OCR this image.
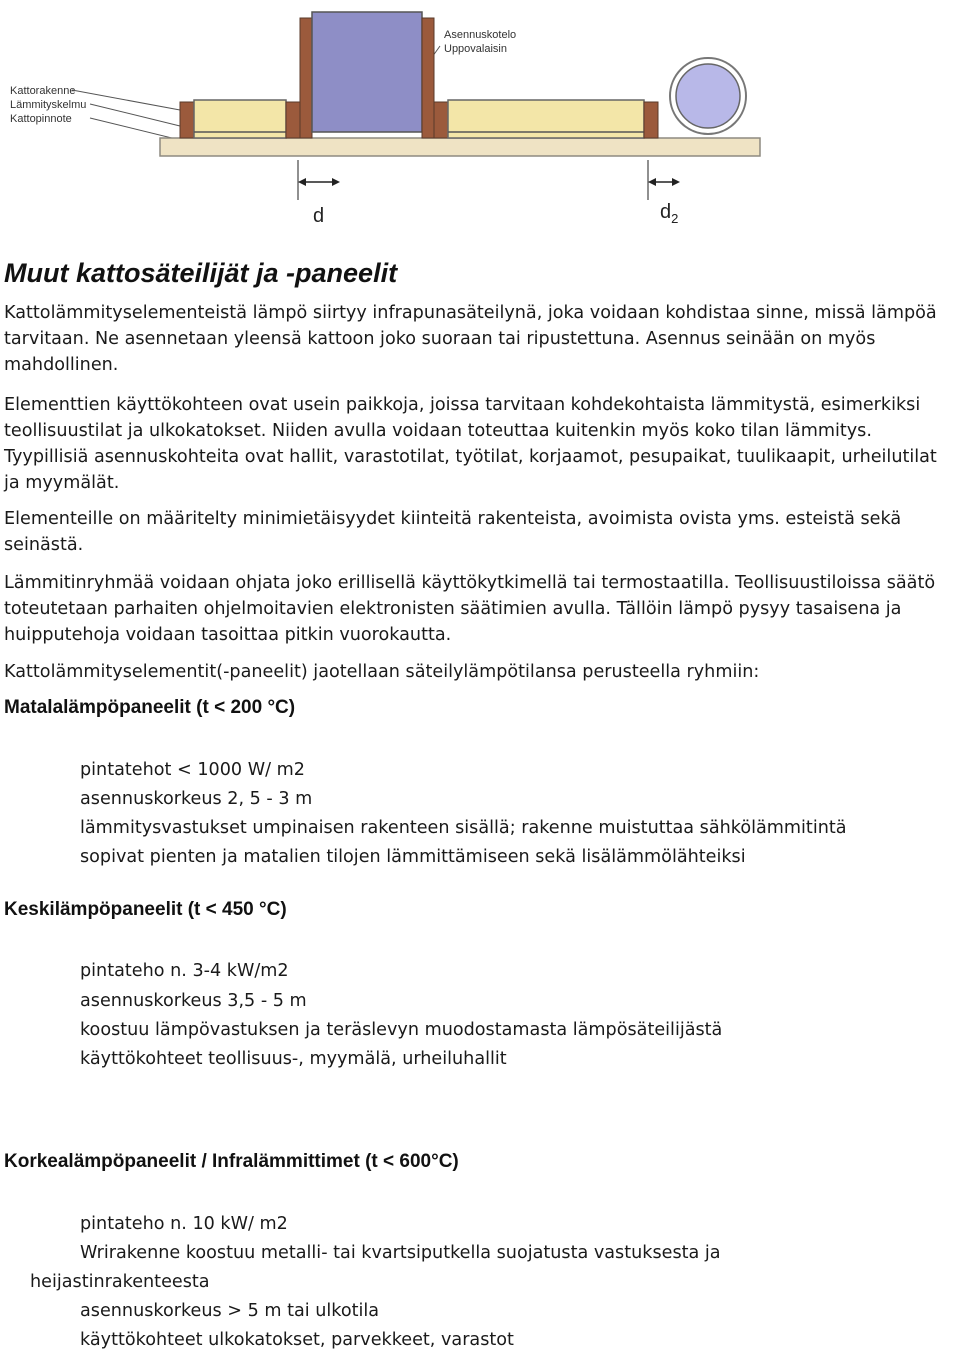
Kattorakenne
Lämmityskelmu
Kattopinnote
Asennuskotelo
Uppovalaisin
d	$d_2$
Muut kattosäteilijät ja -paneelit

Kattolämmityselementeistä lämpö siirtyy infrapunasäteilynä, joka voidaan kohdistaa sinne, missä lämpöä tarvitaan. Ne asennetaan yleensä kattoon joko suoraan tai ripustettuna. Asennus seinään on myös mahdollinen.

Elementtien käyttökohteen ovat usein paikkoja, joissa tarvitaan kohdekohtaista lämmitystä, esimerkiksi teollisuustilat ja ulkokatokset. Niiden avulla voidaan toteuttaa kuitenkin myös koko tilan lämmitys. Tyypillisiä asennuskohteita ovat hallit, varastotilat, työtilat, korjaamot, pesupaikat, tuulikaapit, urheilutilat ja myymälät.

Elementeille on määritelty minimietäisyydet kiinteitä rakenteista, avoimista ovista yms. esteistä sekä seinästä.

Lämmitinryhmää voidaan ohjata joko erillisellä käyttökytkimellä tai termostaatilla. Teollisuustiloissa säätö toteutetaan parhaiten ohjelmoitavien elektronisten säätimien avulla. Tällöin lämpö pysyy tasaisena ja huipputehoja voidaan tasoittaa pitkin vuorokautta.

Kattolämmityselementit(-paneelit) jaotellaan säteilylämpötilansa perusteella ryhmiin:

Matalalämpöpaneelit (t < 200 °C)
pintatehot < 1000 W/ m2
asennuskorkeus 2, 5 - 3 m
lämmitysvastukset umpinaisen rakenteen sisällä; rakenne muistuttaa sähkölämmitintä
sopivat pienten ja matalien tilojen lämmittämiseen sekä lisälämmölähteiksi
Keskilämpöpaneelit (t < 450 °C)
pintateho n. 3-4 kW/m2
asennuskorkeus 3,5 - 5 m
koostuu lämpövastuksen ja teräslevyn muodostamasta lämpösäteilijästä
käyttökohteet teollisuus-, myymälä, urheiluhallit
Korkealämpöpaneelit / Infralämmittimet (t < 600°C)
pintateho n. 10 kW/ m2
Wrirakenne koostuu metalli- tai kvartsiputkella suojatusta vastuksesta ja
heijastinrakenteesta
asennuskorkeus > 5 m tai ulkotila
käyttökohteet ulkokatokset, parvekkeet, varastot
